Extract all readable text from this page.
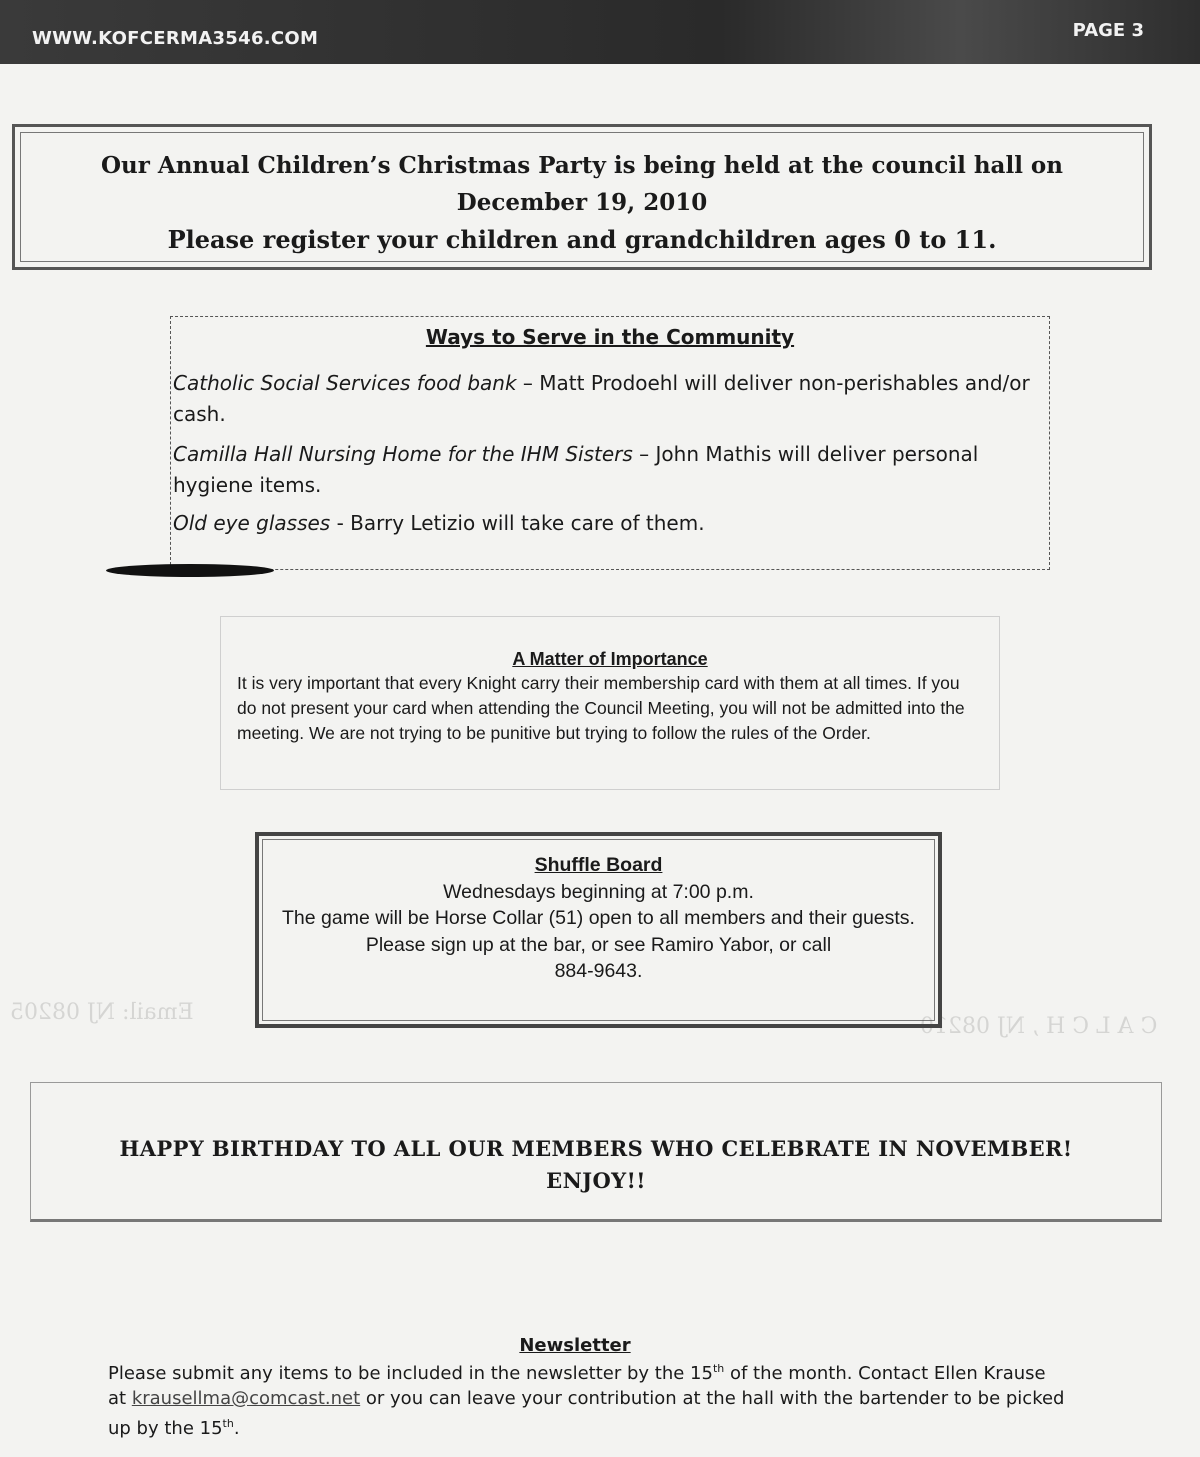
WWW.KOFCERMA3546.COM	PAGE 3
Our Annual Children’s Christmas Party is being held at the council hall on
December 19, 2010
Please register your children and grandchildren ages 0 to 11.
Ways to Serve in the Community
Catholic Social Services food bank – Matt Prodoehl will deliver non-perishables and/or cash.
Camilla Hall Nursing Home for the IHM Sisters – John Mathis will deliver personal hygiene items.
Old eye glasses - Barry Letizio will take care of them.
A Matter of Importance

It is very important that every Knight carry their membership card with them at all times. If you do not present your card when attending the Council Meeting, you will not be admitted into the meeting. We are not trying to be punitive but trying to follow the rules of the Order.

Shuffle Board
Wednesdays beginning at 7:00 p.m.
The game will be Horse Collar (51) open to all members and their guests. Please sign up at the bar, or see Ramiro Yabor, or call
884-9643.
Email: NJ 08205
C A L C H , NJ 08210
HAPPY BIRTHDAY TO ALL OUR MEMBERS WHO CELEBRATE IN NOVEMBER!
ENJOY!!
Newsletter

Please submit any items to be included in the newsletter by the 15th of the month. Contact Ellen Krause at krausellma@comcast.net or you can leave your contribution at the hall with the bartender to be picked up by the 15th.
